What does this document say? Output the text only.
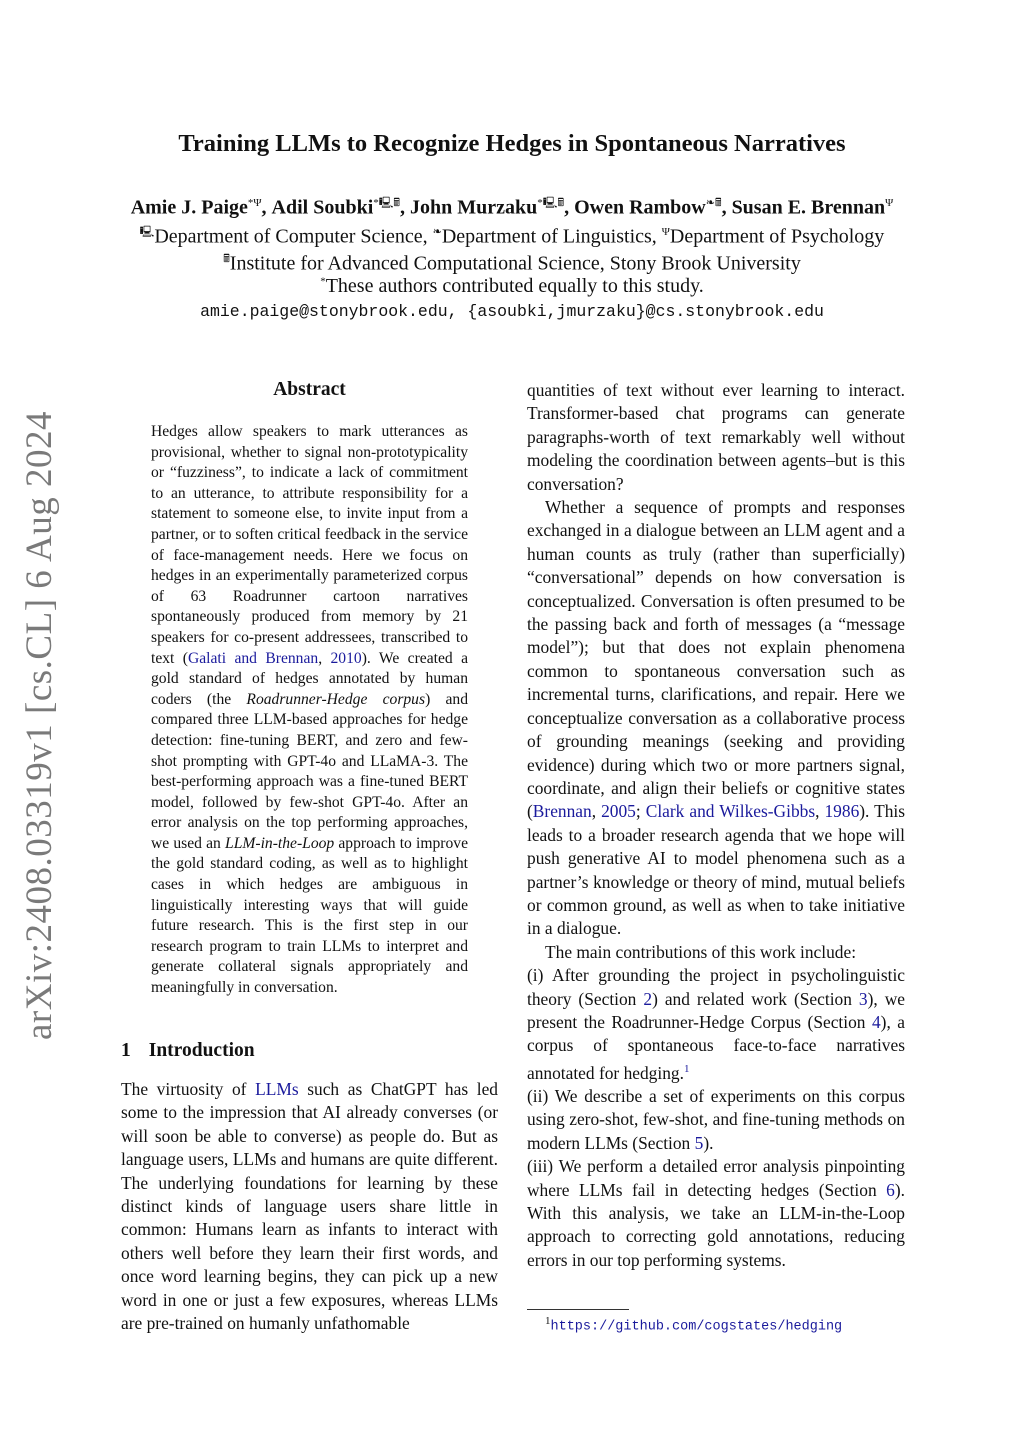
arXiv:2408.03319v1 [cs.CL] 6 Aug 2024
Training LLMs to Recognize Hedges in Spontaneous Narratives
Amie J. Paige$^{*\Psi}$, Adil Soubki*🖳🖩, John Murzaku*🖳🖩, Owen Rambow❧🖩, Susan E. Brennan$^\Psi$
🖳Department of Computer Science, ❧Department of Linguistics, $^\Psi$Department of Psychology
🖩Institute for Advanced Computational Science, Stony Brook University
*These authors contributed equally to this study.
amie.paige@stonybrook.edu, {asoubki,jmurzaku}@cs.stonybrook.edu
Abstract

Hedges allow speakers to mark utterances as provisional, whether to signal non-prototypicality or “fuzziness”, to indicate a lack of commitment to an utterance, to attribute responsibility for a statement to someone else, to invite input from a partner, or to soften critical feedback in the service of face-management needs. Here we focus on hedges in an experimentally parameterized corpus of 63 Roadrunner cartoon narratives spontaneously produced from memory by 21 speakers for co-present addressees, transcribed to text (Galati and Brennan, 2010). We created a gold standard of hedges annotated by human coders (the Roadrunner-Hedge corpus) and compared three LLM-based approaches for hedge detection: fine-tuning BERT, and zero and few-shot prompting with GPT-4o and LLaMA-3. The best-performing approach was a fine-tuned BERT model, followed by few-shot GPT-4o. After an error analysis on the top performing approaches, we used an LLM-in-the-Loop approach to improve the gold standard coding, as well as to highlight cases in which hedges are ambiguous in linguistically interesting ways that will guide future research. This is the first step in our research program to train LLMs to interpret and generate collateral signals appropriately and meaningfully in conversation.

1 Introduction

The virtuosity of LLMs such as ChatGPT has led some to the impression that AI already converses (or will soon be able to converse) as people do. But as language users, LLMs and humans are quite different. The underlying foundations for learning by these distinct kinds of language users share little in common: Humans learn as infants to interact with others well before they learn their first words, and once word learning begins, they can pick up a new word in one or just a few exposures, whereas LLMs are pre-trained on humanly unfathomable

quantities of text without ever learning to interact. Transformer-based chat programs can generate paragraphs-worth of text remarkably well without modeling the coordination between agents–but is this conversation?

Whether a sequence of prompts and responses exchanged in a dialogue between an LLM agent and a human counts as truly (rather than superficially) “conversational” depends on how conversation is conceptualized. Conversation is often presumed to be the passing back and forth of messages (a “message model”); but that does not explain phenomena common to spontaneous conversation such as incremental turns, clarifications, and repair. Here we conceptualize conversation as a collaborative process of grounding meanings (seeking and providing evidence) during which two or more partners signal, coordinate, and align their beliefs or cognitive states (Brennan, 2005; Clark and Wilkes-Gibbs, 1986). This leads to a broader research agenda that we hope will push generative AI to model phenomena such as a partner’s knowledge or theory of mind, mutual beliefs or common ground, as well as when to take initiative in a dialogue.

The main contributions of this work include:

(i) After grounding the project in psycholinguistic theory (Section 2) and related work (Section 3), we present the Roadrunner-Hedge Corpus (Section 4), a corpus of spontaneous face-to-face narratives annotated for hedging.$^1$

(ii) We describe a set of experiments on this corpus using zero-shot, few-shot, and fine-tuning methods on modern LLMs (Section 5).

(iii) We perform a detailed error analysis pinpointing where LLMs fail in detecting hedges (Section 6). With this analysis, we take an LLM-in-the-Loop approach to correcting gold annotations, reducing errors in our top performing systems.

$^1$https://github.com/cogstates/hedging
